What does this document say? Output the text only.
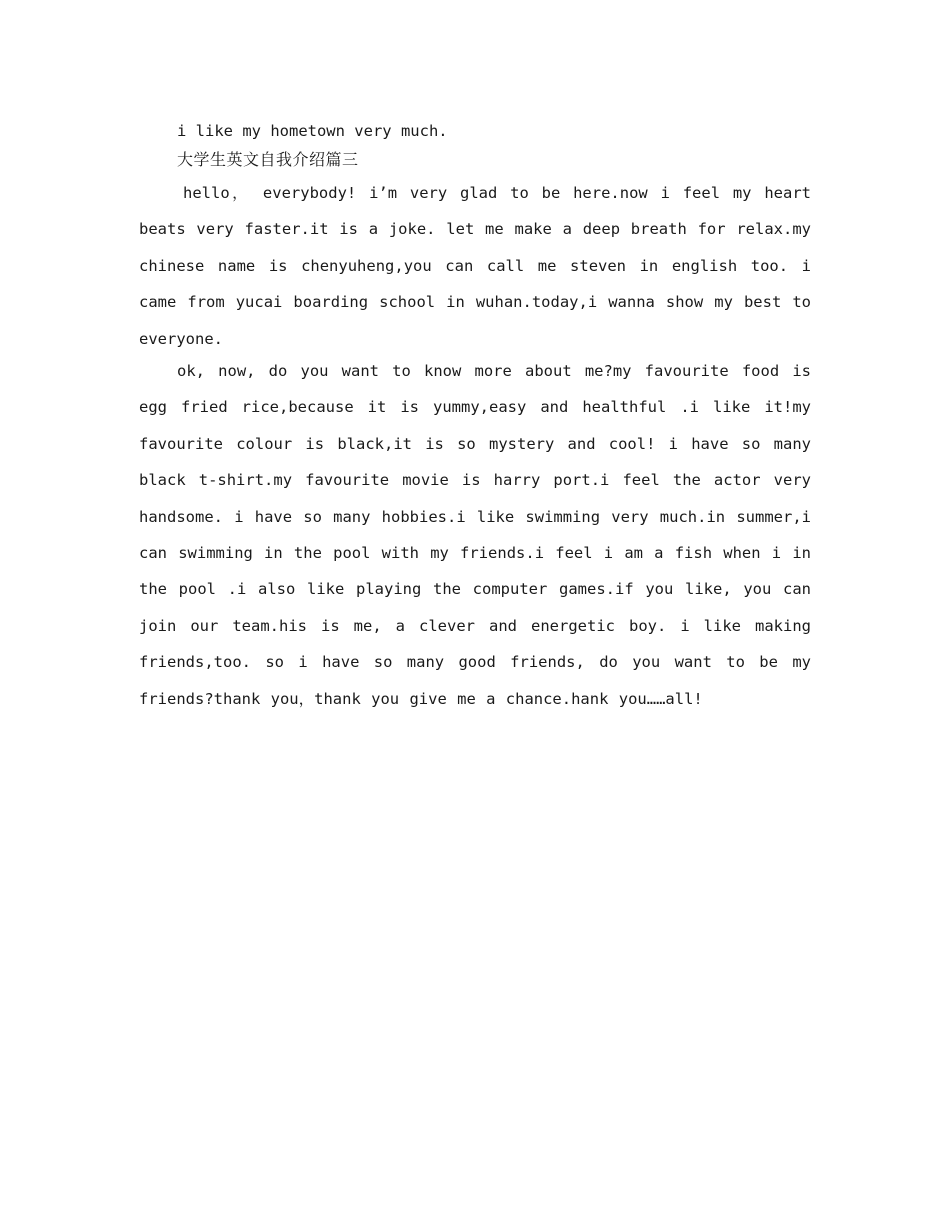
i like my hometown very much.

大学生英文自我介绍篇三

hello， everybody! i’m very glad to be here.now i feel my heart beats very faster.it is a joke. let me make a deep breath for relax.my chinese name is chenyuheng,you can call me steven in english too. i came from yucai boarding school in wuhan.today,i wanna show my best to everyone.

ok, now, do you want to know more about me?my favourite food is egg fried rice,because it is yummy,easy and healthful .i like it!my favourite colour is black,it is so mystery and cool! i have so many black t-shirt.my favourite movie is harry port.i feel the actor very handsome. i have so many hobbies.i like swimming very much.in summer,i can swimming in the pool with my friends.i feel i am a fish when i in the pool .i also like playing the computer games.if you like, you can join our team.his is me, a clever and energetic boy. i like making friends,too. so i have so many good friends, do you want to be my friends?thank you，thank you give me a chance.hank you……all!
